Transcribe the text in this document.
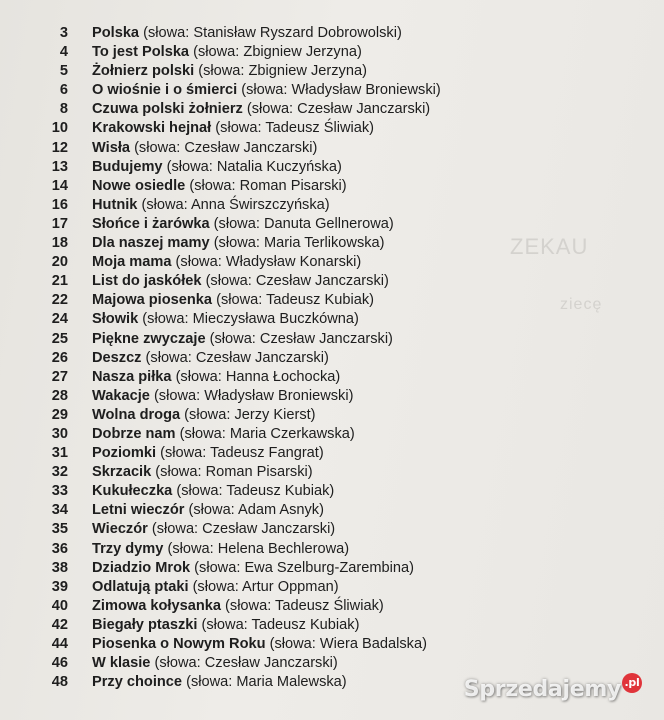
ZEKAU
ziecę
3 Polska (słowa: Stanisław Ryszard Dobrowolski)
4 To jest Polska (słowa: Zbigniew Jerzyna)
5 Żołnierz polski (słowa: Zbigniew Jerzyna)
6 O wiośnie i o śmierci (słowa: Władysław Broniewski)
8 Czuwa polski żołnierz (słowa: Czesław Janczarski)
10 Krakowski hejnał (słowa: Tadeusz Śliwiak)
12 Wisła (słowa: Czesław Janczarski)
13 Budujemy (słowa: Natalia Kuczyńska)
14 Nowe osiedle (słowa: Roman Pisarski)
16 Hutnik (słowa: Anna Świrszczyńska)
17 Słońce i żarówka (słowa: Danuta Gellnerowa)
18 Dla naszej mamy (słowa: Maria Terlikowska)
20 Moja mama (słowa: Władysław Konarski)
21 List do jaskółek (słowa: Czesław Janczarski)
22 Majowa piosenka (słowa: Tadeusz Kubiak)
24 Słowik (słowa: Mieczysława Buczkówna)
25 Piękne zwyczaje (słowa: Czesław Janczarski)
26 Deszcz (słowa: Czesław Janczarski)
27 Nasza piłka (słowa: Hanna Łochocka)
28 Wakacje (słowa: Władysław Broniewski)
29 Wolna droga (słowa: Jerzy Kierst)
30 Dobrze nam (słowa: Maria Czerkawska)
31 Poziomki (słowa: Tadeusz Fangrat)
32 Skrzacik (słowa: Roman Pisarski)
33 Kukułeczka (słowa: Tadeusz Kubiak)
34 Letni wieczór (słowa: Adam Asnyk)
35 Wieczór (słowa: Czesław Janczarski)
36 Trzy dymy (słowa: Helena Bechlerowa)
38 Dziadzio Mrok (słowa: Ewa Szelburg-Zarembina)
39 Odlatują ptaki (słowa: Artur Oppman)
40 Zimowa kołysanka (słowa: Tadeusz Śliwiak)
42 Biegały ptaszki (słowa: Tadeusz Kubiak)
44 Piosenka o Nowym Roku (słowa: Wiera Badalska)
46 W klasie (słowa: Czesław Janczarski)
48 Przy choince (słowa: Maria Malewska)	Sprzedajemy .pl
